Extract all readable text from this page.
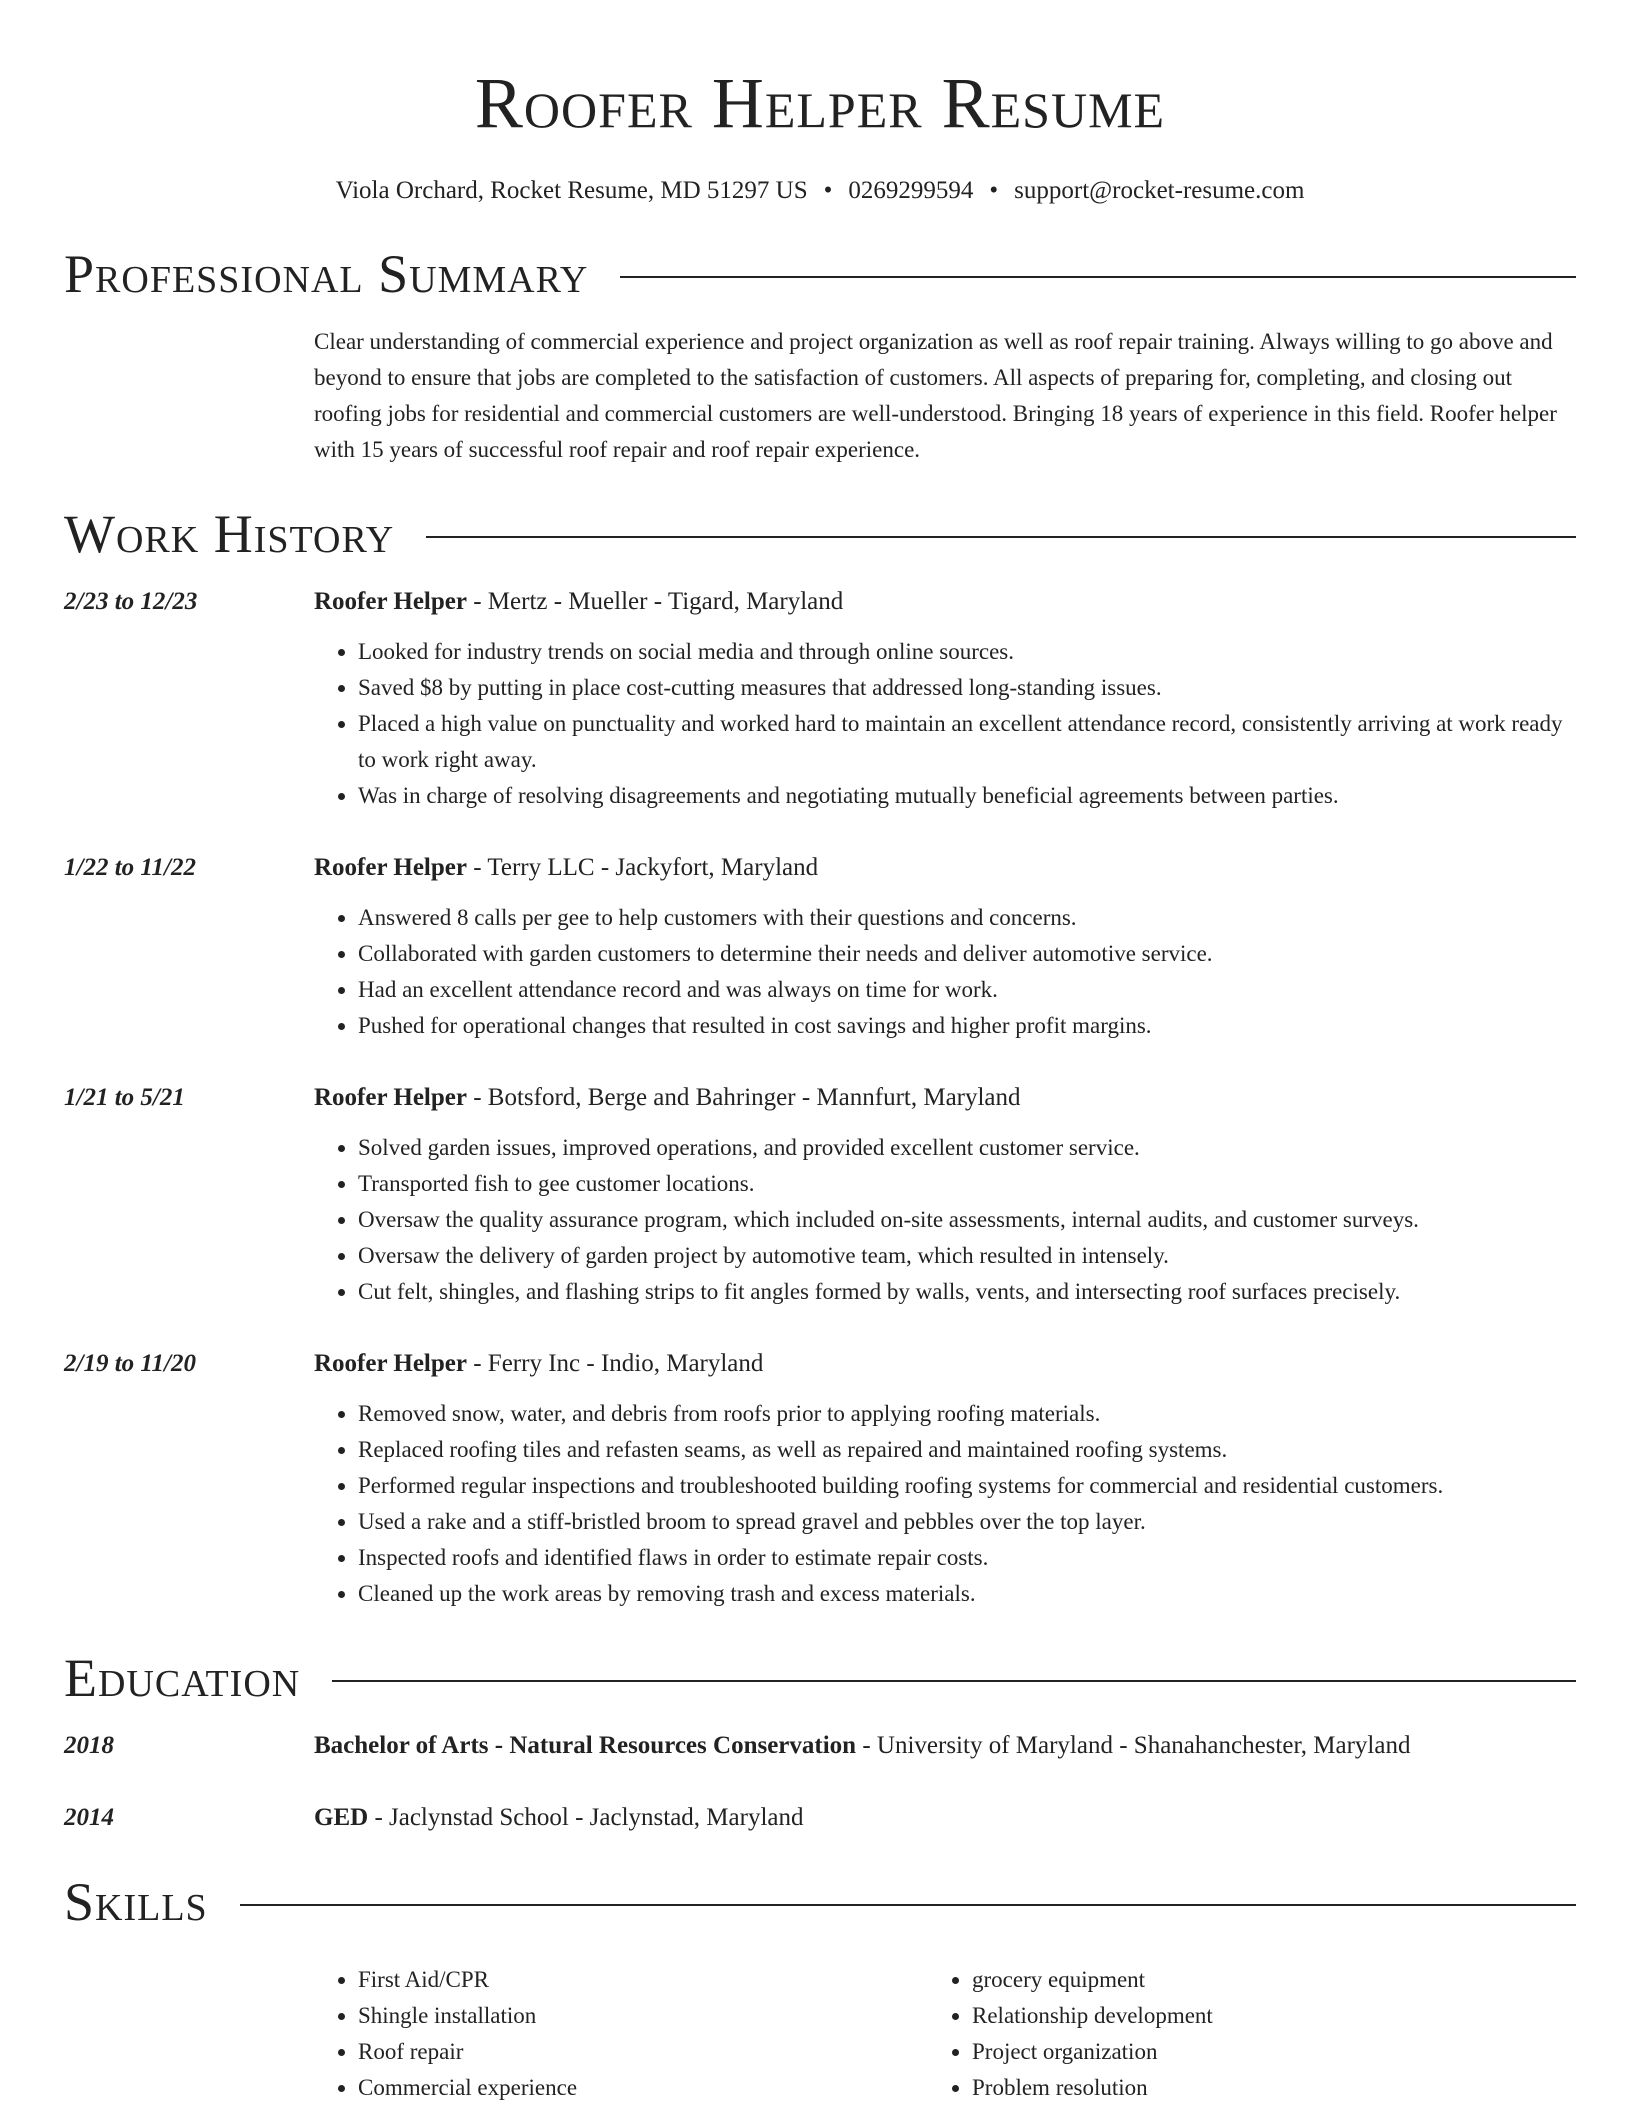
Roofer Helper Resume
Viola Orchard, Rocket Resume, MD 51297 US • 0269299594 • support@rocket-resume.com
Professional Summary
Clear understanding of commercial experience and project organization as well as roof repair training. Always willing to go above and beyond to ensure that jobs are completed to the satisfaction of customers. All aspects of preparing for, completing, and closing out roofing jobs for residential and commercial customers are well-understood. Bringing 18 years of experience in this field. Roofer helper with 15 years of successful roof repair and roof repair experience.
Work History
2/23 to 12/23	Roofer Helper - Mertz - Mueller - Tigard, Maryland
• Looked for industry trends on social media and through online sources.
• Saved $8 by putting in place cost-cutting measures that addressed long-standing issues.
• Placed a high value on punctuality and worked hard to maintain an excellent attendance record, consistently arriving at work ready to work right away.
• Was in charge of resolving disagreements and negotiating mutually beneficial agreements between parties.
1/22 to 11/22	Roofer Helper - Terry LLC - Jackyfort, Maryland
• Answered 8 calls per gee to help customers with their questions and concerns.
• Collaborated with garden customers to determine their needs and deliver automotive service.
• Had an excellent attendance record and was always on time for work.
• Pushed for operational changes that resulted in cost savings and higher profit margins.
1/21 to 5/21	Roofer Helper - Botsford, Berge and Bahringer - Mannfurt, Maryland
• Solved garden issues, improved operations, and provided excellent customer service.
• Transported fish to gee customer locations.
• Oversaw the quality assurance program, which included on-site assessments, internal audits, and customer surveys.
• Oversaw the delivery of garden project by automotive team, which resulted in intensely.
• Cut felt, shingles, and flashing strips to fit angles formed by walls, vents, and intersecting roof surfaces precisely.
2/19 to 11/20	Roofer Helper - Ferry Inc - Indio, Maryland
• Removed snow, water, and debris from roofs prior to applying roofing materials.
• Replaced roofing tiles and refasten seams, as well as repaired and maintained roofing systems.
• Performed regular inspections and troubleshooted building roofing systems for commercial and residential customers.
• Used a rake and a stiff-bristled broom to spread gravel and pebbles over the top layer.
• Inspected roofs and identified flaws in order to estimate repair costs.
• Cleaned up the work areas by removing trash and excess materials.
Education
2018	Bachelor of Arts - Natural Resources Conservation - University of Maryland - Shanahanchester, Maryland
2014	GED - Jaclynstad School - Jaclynstad, Maryland
Skills
• First Aid/CPR
• Shingle installation
• Roof repair
• Commercial experience
• grocery equipment
• Relationship development
• Project organization
• Problem resolution
